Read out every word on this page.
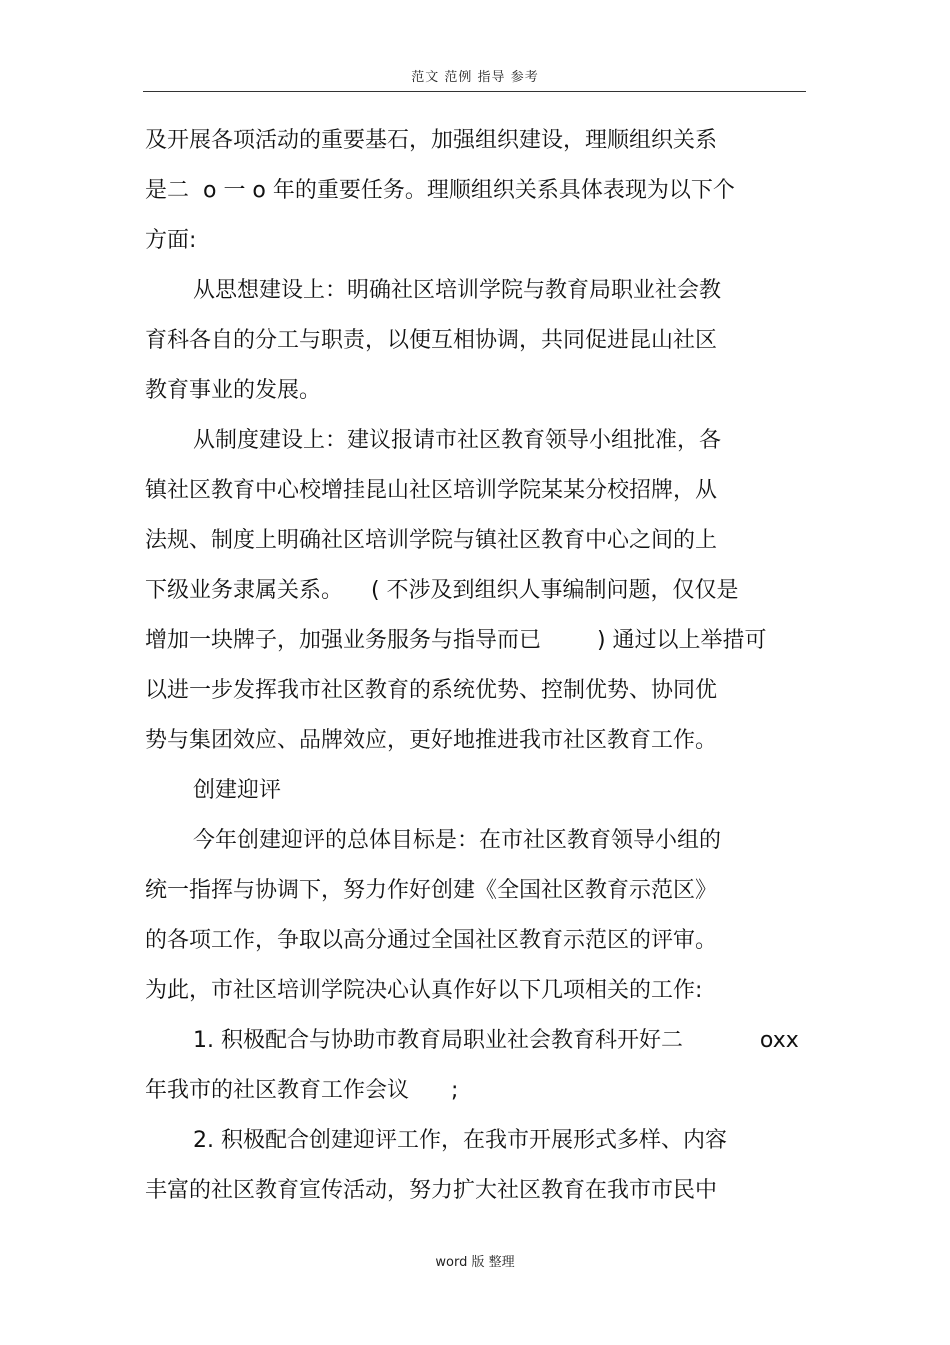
范文 范例 指导 参考
及开展各项活动的重要基石，加强组织建设，理顺组织关系
是二  ο 一 ο 年的重要任务。理顺组织关系具体表现为以下个
方面:
从思想建设上：明确社区培训学院与教育局职业社会教
育科各自的分工与职责，以便互相协调，共同促进昆山社区
教育事业的发展。
从制度建设上：建议报请市社区教育领导小组批准，各
镇社区教育中心校增挂昆山社区培训学院某某分校招牌，从
法规、制度上明确社区培训学院与镇社区教育中心之间的上
下级业务隶属关系。    ( 不涉及到组织人事编制问题，仅仅是
增加一块牌子，加强业务服务与指导而已        ) 通过以上举措可
以进一步发挥我市社区教育的系统优势、控制优势、协同优
势与集团效应、品牌效应，更好地推进我市社区教育工作。
创建迎评
今年创建迎评的总体目标是：在市社区教育领导小组的
统一指挥与协调下，努力作好创建《全国社区教育示范区》
的各项工作，争取以高分通过全国社区教育示范区的评审。
为此，市社区培训学院决心认真作好以下几项相关的工作:
1. 积极配合与协助市教育局职业社会教育科开好二           oxx
年我市的社区教育工作会议      ;
2. 积极配合创建迎评工作，在我市开展形式多样、内容
丰富的社区教育宣传活动，努力扩大社区教育在我市市民中
word 版 整理
